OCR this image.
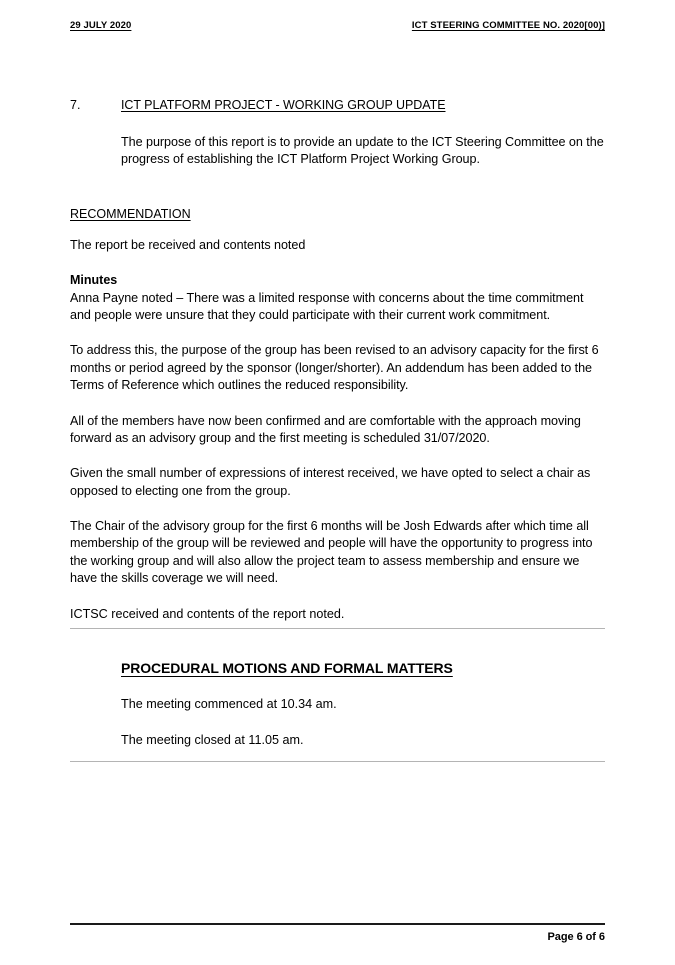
29 JULY 2020	ICT STEERING COMMITTEE NO. 2020[00)]
7.	ICT PLATFORM PROJECT - WORKING GROUP UPDATE

The purpose of this report is to provide an update to the ICT Steering Committee on the progress of establishing the ICT Platform Project Working Group.

RECOMMENDATION

The report be received and contents noted

Minutes

Anna Payne noted – There was a limited response with concerns about the time commitment and people were unsure that they could participate with their current work commitment.

To address this, the purpose of the group has been revised to an advisory capacity for the first 6 months or period agreed by the sponsor (longer/shorter). An addendum has been added to the Terms of Reference which outlines the reduced responsibility.

All of the members have now been confirmed and are comfortable with the approach moving forward as an advisory group and the first meeting is scheduled 31/07/2020.

Given the small number of expressions of interest received, we have opted to select a chair as opposed to electing one from the group.

The Chair of the advisory group for the first 6 months will be Josh Edwards after which time all membership of the group will be reviewed and people will have the opportunity to progress into the working group and will also allow the project team to assess membership and ensure we have the skills coverage we will need.

ICTSC received and contents of the report noted.

PROCEDURAL MOTIONS AND FORMAL MATTERS

The meeting commenced at 10.34 am.

The meeting closed at 11.05 am.

Page 6 of 6
